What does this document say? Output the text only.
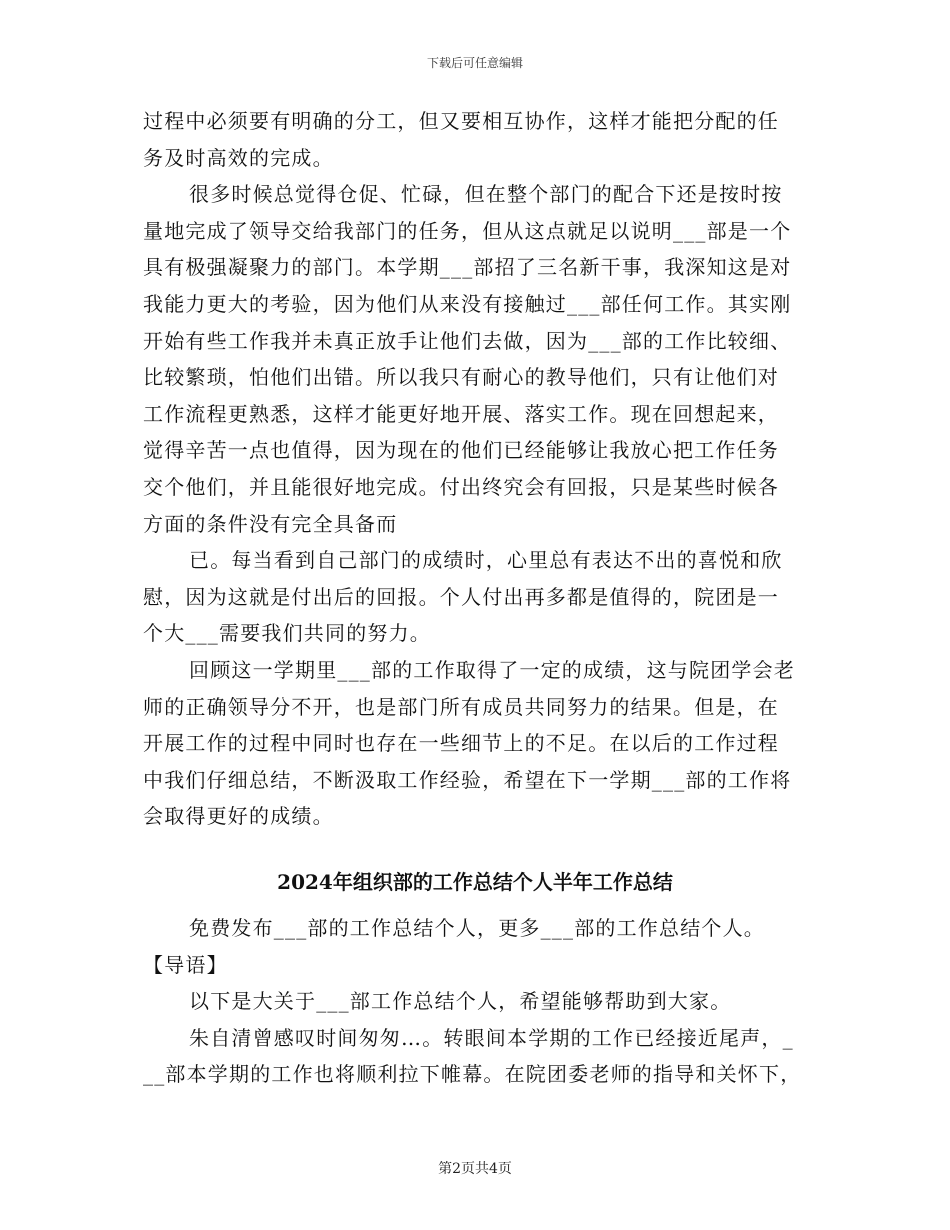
下载后可任意编辑
过程中必须要有明确的分工，但又要相互协作，这样才能把分配的任
务及时高效的完成。
很多时候总觉得仓促、忙碌，但在整个部门的配合下还是按时按
量地完成了领导交给我部门的任务，但从这点就足以说明___部是一个
具有极强凝聚力的部门。本学期___部招了三名新干事，我深知这是对
我能力更大的考验，因为他们从来没有接触过___部任何工作。其实刚
开始有些工作我并未真正放手让他们去做，因为___部的工作比较细、
比较繁琐，怕他们出错。所以我只有耐心的教导他们，只有让他们对
工作流程更熟悉，这样才能更好地开展、落实工作。现在回想起来，
觉得辛苦一点也值得，因为现在的他们已经能够让我放心把工作任务
交个他们，并且能很好地完成。付出终究会有回报，只是某些时候各
方面的条件没有完全具备而
已。每当看到自己部门的成绩时，心里总有表达不出的喜悦和欣
慰，因为这就是付出后的回报。个人付出再多都是值得的，院团是一
个大___需要我们共同的努力。
回顾这一学期里___部的工作取得了一定的成绩，这与院团学会老
师的正确领导分不开，也是部门所有成员共同努力的结果。但是，在
开展工作的过程中同时也存在一些细节上的不足。在以后的工作过程
中我们仔细总结，不断汲取工作经验，希望在下一学期___部的工作将
会取得更好的成绩。
2024年组织部的工作总结个人半年工作总结
免费发布___部的工作总结个人，更多___部的工作总结个人。
【导语】
以下是大关于___部工作总结个人，希望能够帮助到大家。
朱自清曾感叹时间匆匆…。转眼间本学期的工作已经接近尾声，_
__部本学期的工作也将顺利拉下帷幕。在院团委老师的指导和关怀下，
第2页共4页
